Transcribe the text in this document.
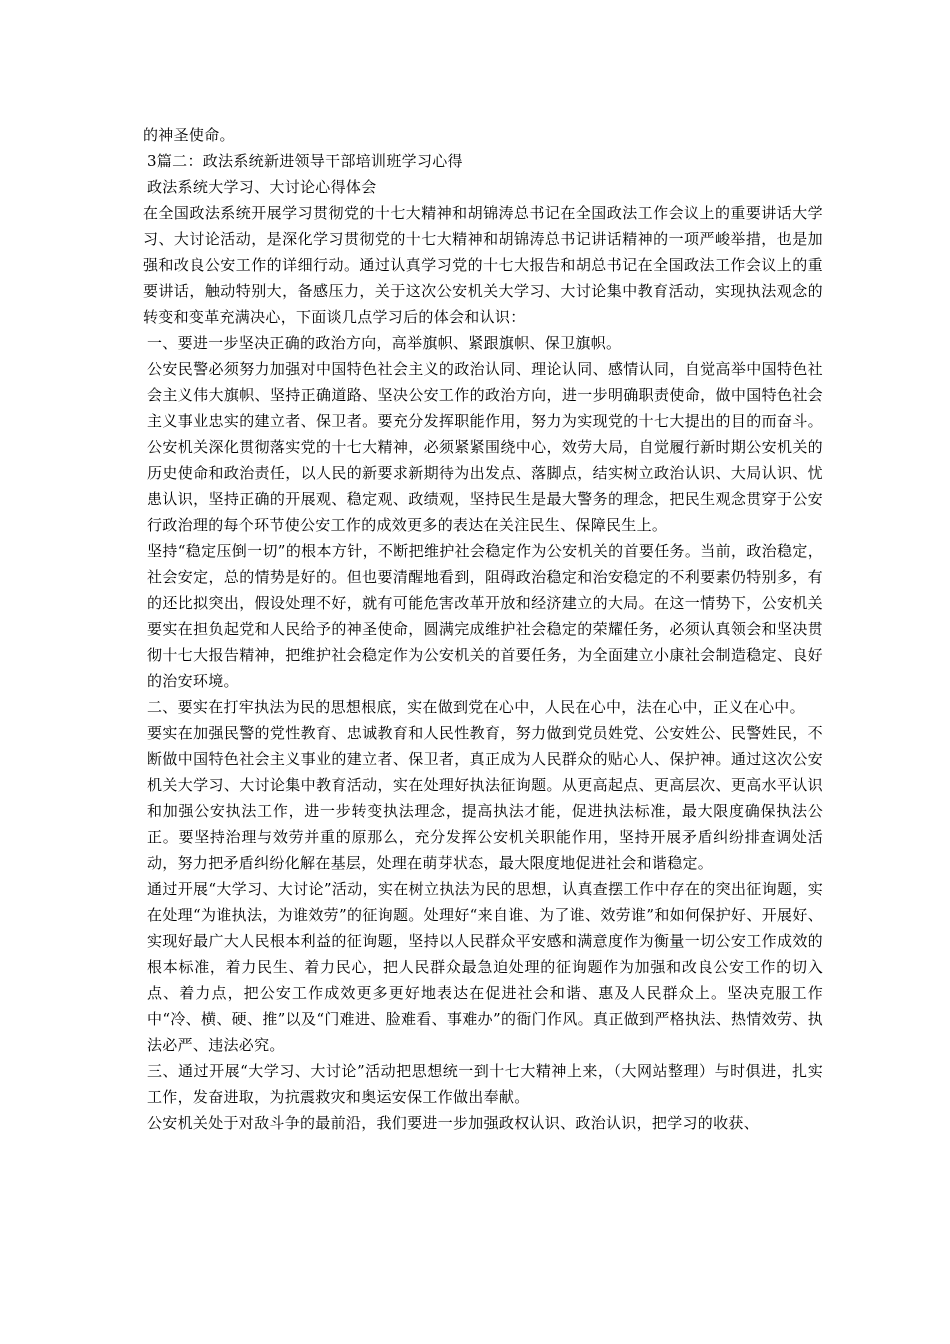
的神圣使命。

3篇二：政法系统新进领导干部培训班学习心得

政法系统大学习、大讨论心得体会

在全国政法系统开展学习贯彻党的十七大精神和胡锦涛总书记在全国政法工作会议上的重要讲话大学习、大讨论活动，是深化学习贯彻党的十七大精神和胡锦涛总书记讲话精神的一项严峻举措，也是加强和改良公安工作的详细行动。通过认真学习党的十七大报告和胡总书记在全国政法工作会议上的重要讲话，触动特别大，备感压力，关于这次公安机关大学习、大讨论集中教育活动，实现执法观念的转变和变革充满决心，下面谈几点学习后的体会和认识：

一、要进一步坚决正确的政治方向，高举旗帜、紧跟旗帜、保卫旗帜。

公安民警必须努力加强对中国特色社会主义的政治认同、理论认同、感情认同，自觉高举中国特色社会主义伟大旗帜、坚持正确道路、坚决公安工作的政治方向，进一步明确职责使命，做中国特色社会主义事业忠实的建立者、保卫者。要充分发挥职能作用，努力为实现党的十七大提出的目的而奋斗。公安机关深化贯彻落实党的十七大精神，必须紧紧围绕中心，效劳大局，自觉履行新时期公安机关的历史使命和政治责任，以人民的新要求新期待为出发点、落脚点，结实树立政治认识、大局认识、忧患认识，坚持正确的开展观、稳定观、政绩观，坚持民生是最大警务的理念，把民生观念贯穿于公安行政治理的每个环节使公安工作的成效更多的表达在关注民生、保障民生上。

坚持“稳定压倒一切”的根本方针，不断把维护社会稳定作为公安机关的首要任务。当前，政治稳定，社会安定，总的情势是好的。但也要清醒地看到，阻碍政治稳定和治安稳定的不利要素仍特别多，有的还比拟突出，假设处理不好，就有可能危害改革开放和经济建立的大局。在这一情势下，公安机关要实在担负起党和人民给予的神圣使命，圆满完成维护社会稳定的荣耀任务，必须认真领会和坚决贯彻十七大报告精神，把维护社会稳定作为公安机关的首要任务，为全面建立小康社会制造稳定、良好的治安环境。

二、要实在打牢执法为民的思想根底，实在做到党在心中，人民在心中，法在心中，正义在心中。

要实在加强民警的党性教育、忠诚教育和人民性教育，努力做到党员姓党、公安姓公、民警姓民，不断做中国特色社会主义事业的建立者、保卫者，真正成为人民群众的贴心人、保护神。通过这次公安机关大学习、大讨论集中教育活动，实在处理好执法征询题。从更高起点、更高层次、更高水平认识和加强公安执法工作，进一步转变执法理念，提高执法才能，促进执法标准，最大限度确保执法公正。要坚持治理与效劳并重的原那么，充分发挥公安机关职能作用，坚持开展矛盾纠纷排查调处活动，努力把矛盾纠纷化解在基层，处理在萌芽状态，最大限度地促进社会和谐稳定。

通过开展“大学习、大讨论”活动，实在树立执法为民的思想，认真查摆工作中存在的突出征询题，实在处理“为谁执法，为谁效劳”的征询题。处理好“来自谁、为了谁、效劳谁”和如何保护好、开展好、实现好最广大人民根本利益的征询题，坚持以人民群众平安感和满意度作为衡量一切公安工作成效的根本标准，着力民生、着力民心，把人民群众最急迫处理的征询题作为加强和改良公安工作的切入点、着力点，把公安工作成效更多更好地表达在促进社会和谐、惠及人民群众上。坚决克服工作中“冷、横、硬、推”以及“门难进、脸难看、事难办”的衙门作风。真正做到严格执法、热情效劳、执法必严、违法必究。

三、通过开展“大学习、大讨论”活动把思想统一到十七大精神上来，（大网站整理）与时俱进，扎实工作，发奋进取，为抗震救灾和奥运安保工作做出奉献。

公安机关处于对敌斗争的最前沿，我们要进一步加强政权认识、政治认识，把学习的收获、
